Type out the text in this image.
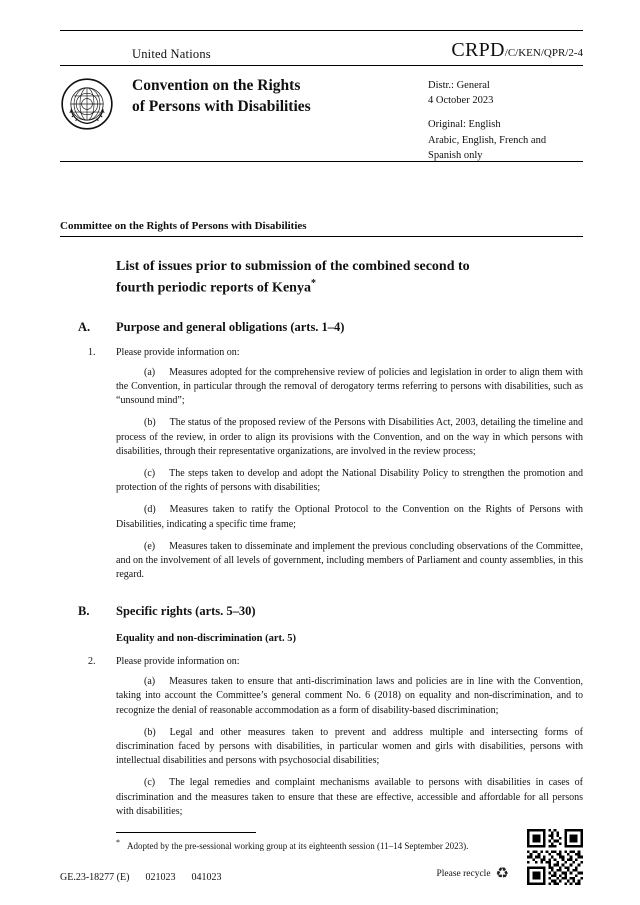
United Nations	CRPD/C/KEN/QPR/2-4
Convention on the Rights
of Persons with Disabilities
Distr.: General
4 October 2023
Original: English
Arabic, English, French and
Spanish only
Committee on the Rights of Persons with Disabilities
List of issues prior to submission of the combined second to
fourth periodic reports of Kenya*
A.	Purpose and general obligations (arts. 1–4)
1.	Please provide information on:
(a) Measures adopted for the comprehensive review of policies and legislation in order to align them with the Convention, in particular through the removal of derogatory terms referring to persons with disabilities, such as “unsound mind”;
(b) The status of the proposed review of the Persons with Disabilities Act, 2003, detailing the timeline and process of the review, in order to align its provisions with the Convention, and on the way in which persons with disabilities, through their representative organizations, are involved in the review process;
(c) The steps taken to develop and adopt the National Disability Policy to strengthen the promotion and protection of the rights of persons with disabilities;
(d) Measures taken to ratify the Optional Protocol to the Convention on the Rights of Persons with Disabilities, indicating a specific time frame;
(e) Measures taken to disseminate and implement the previous concluding observations of the Committee, and on the involvement of all levels of government, including members of Parliament and county assemblies, in this regard.
B.	Specific rights (arts. 5–30)
Equality and non-discrimination (art. 5)
2.	Please provide information on:
(a) Measures taken to ensure that anti-discrimination laws and policies are in line with the Convention, taking into account the Committee’s general comment No. 6 (2018) on equality and non-discrimination, and to recognize the denial of reasonable accommodation as a form of disability-based discrimination;
(b) Legal and other measures taken to prevent and address multiple and intersecting forms of discrimination faced by persons with disabilities, in particular women and girls with disabilities, persons with intellectual disabilities and persons with psychosocial disabilities;
(c) The legal remedies and complaint mechanisms available to persons with disabilities in cases of discrimination and the measures taken to ensure that these are effective, accessible and affordable for all persons with disabilities;
* Adopted by the pre-sessional working group at its eighteenth session (11–14 September 2023).
GE.23-18277 (E) 021023 041023	Please recycle ♻
